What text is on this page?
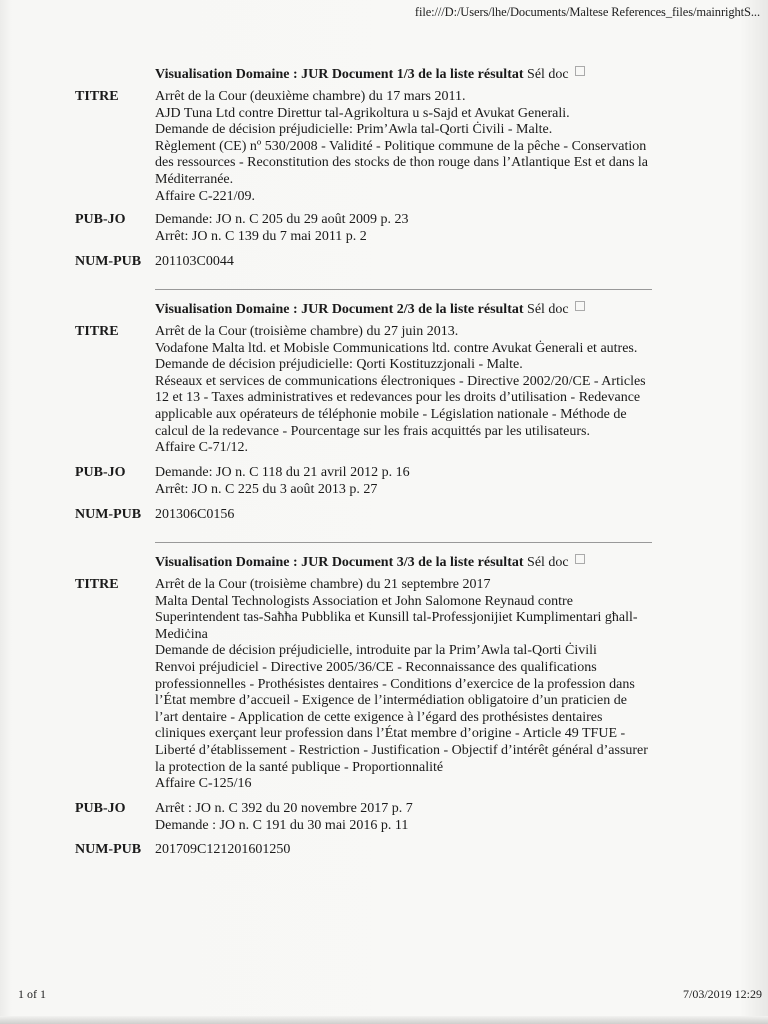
file:///D:/Users/lhe/Documents/Maltese References_files/mainrightS...
Visualisation Domaine : JUR Document 1/3 de la liste résultat Sél doc
TITRE	Arrêt de la Cour (deuxième chambre) du 17 mars 2011.
AJD Tuna Ltd contre Direttur tal-Agrikoltura u s-Sajd et Avukat Generali.
Demande de décision préjudicielle: Prim’Awla tal-Qorti Ċivili - Malte.
Règlement (CE) nº 530/2008 - Validité - Politique commune de la pêche - Conservation
des ressources - Reconstitution des stocks de thon rouge dans l’Atlantique Est et dans la
Méditerranée.
Affaire C-221/09.
PUB-JO Demande: JO n. C 205 du 29 août 2009 p. 23
Arrêt: JO n. C 139 du 7 mai 2011 p. 2
NUM-PUB 201103C0044
Visualisation Domaine : JUR Document 2/3 de la liste résultat Sél doc
TITRE	Arrêt de la Cour (troisième chambre) du 27 juin 2013.
Vodafone Malta ltd. et Mobisle Communications ltd. contre Avukat Ġenerali et autres.
Demande de décision préjudicielle: Qorti Kostituzzjonali - Malte.
Réseaux et services de communications électroniques - Directive 2002/20/CE - Articles
12 et 13 - Taxes administratives et redevances pour les droits d’utilisation - Redevance
applicable aux opérateurs de téléphonie mobile - Législation nationale - Méthode de
calcul de la redevance - Pourcentage sur les frais acquittés par les utilisateurs.
Affaire C-71/12.
PUB-JO Demande: JO n. C 118 du 21 avril 2012 p. 16
Arrêt: JO n. C 225 du 3 août 2013 p. 27
NUM-PUB 201306C0156
Visualisation Domaine : JUR Document 3/3 de la liste résultat Sél doc
TITRE	Arrêt de la Cour (troisième chambre) du 21 septembre 2017
Malta Dental Technologists Association et John Salomone Reynaud contre
Superintendent tas-Saħħa Pubblika et Kunsill tal-Professjonijiet Kumplimentari għall-
Mediċina
Demande de décision préjudicielle, introduite par la Prim’Awla tal-Qorti Ċivili
Renvoi préjudiciel - Directive 2005/36/CE - Reconnaissance des qualifications
professionnelles - Prothésistes dentaires - Conditions d’exercice de la profession dans
l’État membre d’accueil - Exigence de l’intermédiation obligatoire d’un praticien de
l’art dentaire - Application de cette exigence à l’égard des prothésistes dentaires
cliniques exerçant leur profession dans l’État membre d’origine - Article 49 TFUE -
Liberté d’établissement - Restriction - Justification - Objectif d’intérêt général d’assurer
la protection de la santé publique - Proportionnalité
Affaire C-125/16
PUB-JO Arrêt : JO n. C 392 du 20 novembre 2017 p. 7
Demande : JO n. C 191 du 30 mai 2016 p. 11
NUM-PUB 201709C121201601250
1 of 1	7/03/2019 12:29
